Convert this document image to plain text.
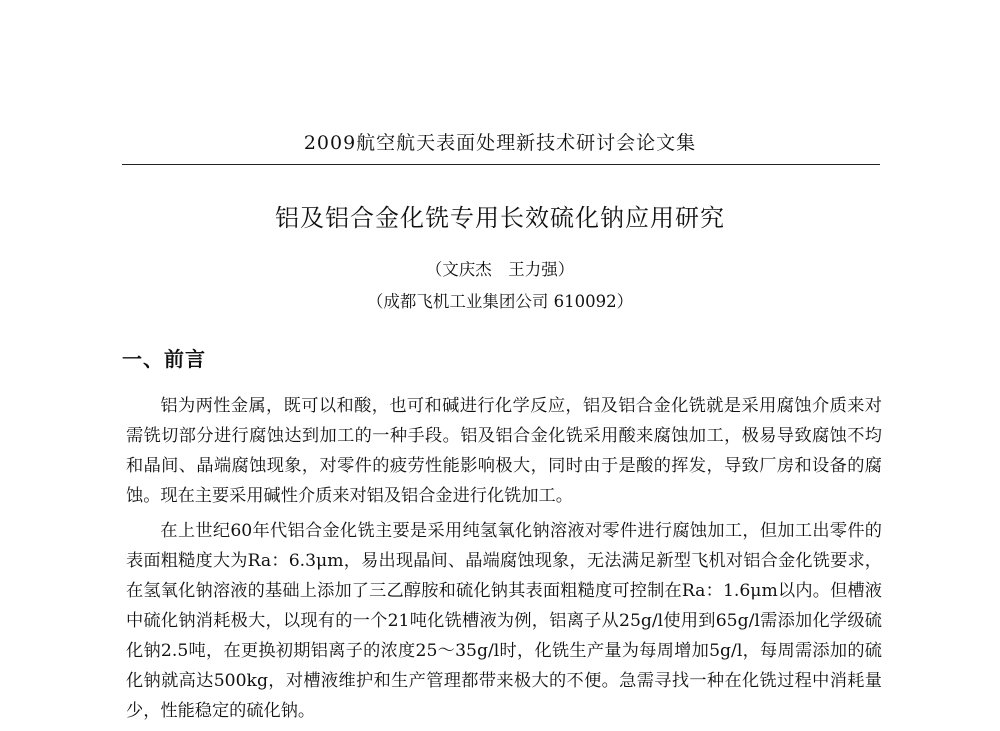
2009航空航天表面处理新技术研讨会论文集
铝及铝合金化铣专用长效硫化钠应用研究
（文庆杰　王力强）
（成都飞机工业集团公司 610092）
一、前言

铝为两性金属，既可以和酸，也可和碱进行化学反应，铝及铝合金化铣就是采用腐蚀介质来对需铣切部分进行腐蚀达到加工的一种手段。铝及铝合金化铣采用酸来腐蚀加工，极易导致腐蚀不均和晶间、晶端腐蚀现象，对零件的疲劳性能影响极大，同时由于是酸的挥发，导致厂房和设备的腐蚀。现在主要采用碱性介质来对铝及铝合金进行化铣加工。

在上世纪60年代铝合金化铣主要是采用纯氢氧化钠溶液对零件进行腐蚀加工，但加工出零件的表面粗糙度大为Ra：6.3μm，易出现晶间、晶端腐蚀现象，无法满足新型飞机对铝合金化铣要求，在氢氧化钠溶液的基础上添加了三乙醇胺和硫化钠其表面粗糙度可控制在Ra：1.6μm以内。但槽液中硫化钠消耗极大，以现有的一个21吨化铣槽液为例，铝离子从25g/l使用到65g/l需添加化学级硫化钠2.5吨，在更换初期铝离子的浓度25～35g/l时，化铣生产量为每周增加5g/l，每周需添加的硫化钠就高达500kg，对槽液维护和生产管理都带来极大的不便。急需寻找一种在化铣过程中消耗量少，性能稳定的硫化钠。
